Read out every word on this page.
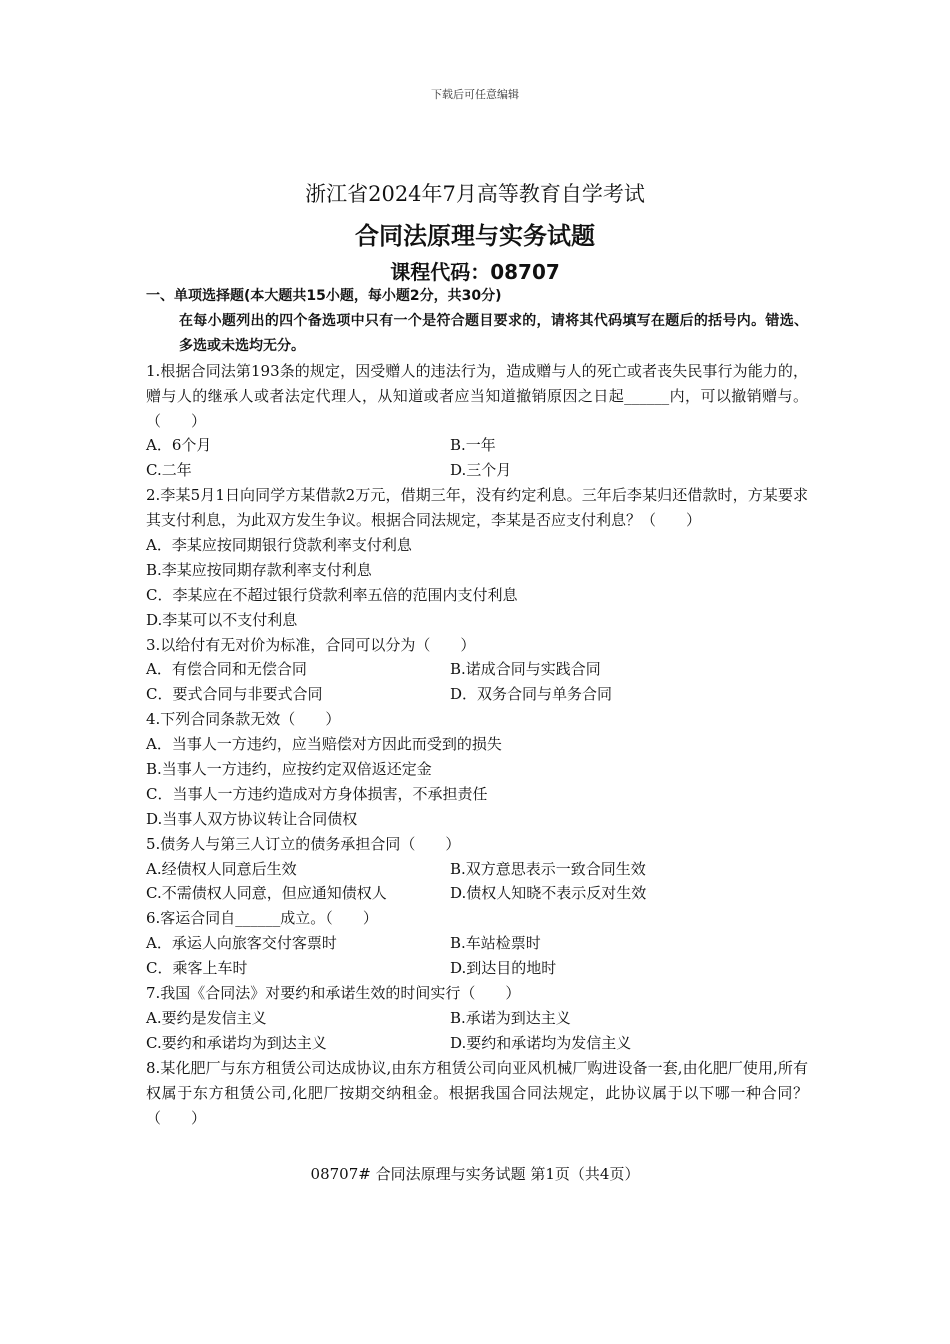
下载后可任意编辑
浙江省2024年7月高等教育自学考试
合同法原理与实务试题
课程代码：08707
一、单项选择题(本大题共15小题，每小题2分，共30分)
在每小题列出的四个备选项中只有一个是符合题目要求的，请将其代码填写在题后的括号内。错选、多选或未选均无分。
1.根据合同法第193条的规定，因受赠人的违法行为，造成赠与人的死亡或者丧失民事行为能力的，赠与人的继承人或者法定代理人，从知道或者应当知道撤销原因之日起______内，可以撤销赠与。（　　）
A．6个月	B.一年
C.二年	D.三个月
2.李某5月1日向同学方某借款2万元，借期三年，没有约定利息。三年后李某归还借款时，方某要求其支付利息，为此双方发生争议。根据合同法规定，李某是否应支付利息？（　　）
A．李某应按同期银行贷款利率支付利息
B.李某应按同期存款利率支付利息
C．李某应在不超过银行贷款利率五倍的范围内支付利息
D.李某可以不支付利息
3.以给付有无对价为标准，合同可以分为（　　）
A．有偿合同和无偿合同	B.诺成合同与实践合同
C．要式合同与非要式合同	D．双务合同与单务合同
4.下列合同条款无效（　　）
A．当事人一方违约，应当赔偿对方因此而受到的损失
B.当事人一方违约，应按约定双倍返还定金
C．当事人一方违约造成对方身体损害，不承担责任
D.当事人双方协议转让合同债权
5.债务人与第三人订立的债务承担合同（　　）
A.经债权人同意后生效	B.双方意思表示一致合同生效
C.不需债权人同意，但应通知债权人	D.债权人知晓不表示反对生效
6.客运合同自______成立。（　　）
A．承运人向旅客交付客票时	B.车站检票时
C．乘客上车时	D.到达目的地时
7.我国《合同法》对要约和承诺生效的时间实行（　　）
A.要约是发信主义	B.承诺为到达主义
C.要约和承诺均为到达主义	D.要约和承诺均为发信主义
8.某化肥厂与东方租赁公司达成协议,由东方租赁公司向亚风机械厂购进设备一套,由化肥厂使用,所有权属于东方租赁公司,化肥厂按期交纳租金。根据我国合同法规定，此协议属于以下哪一种合同？（　　）
08707# 合同法原理与实务试题 第1页（共4页）
